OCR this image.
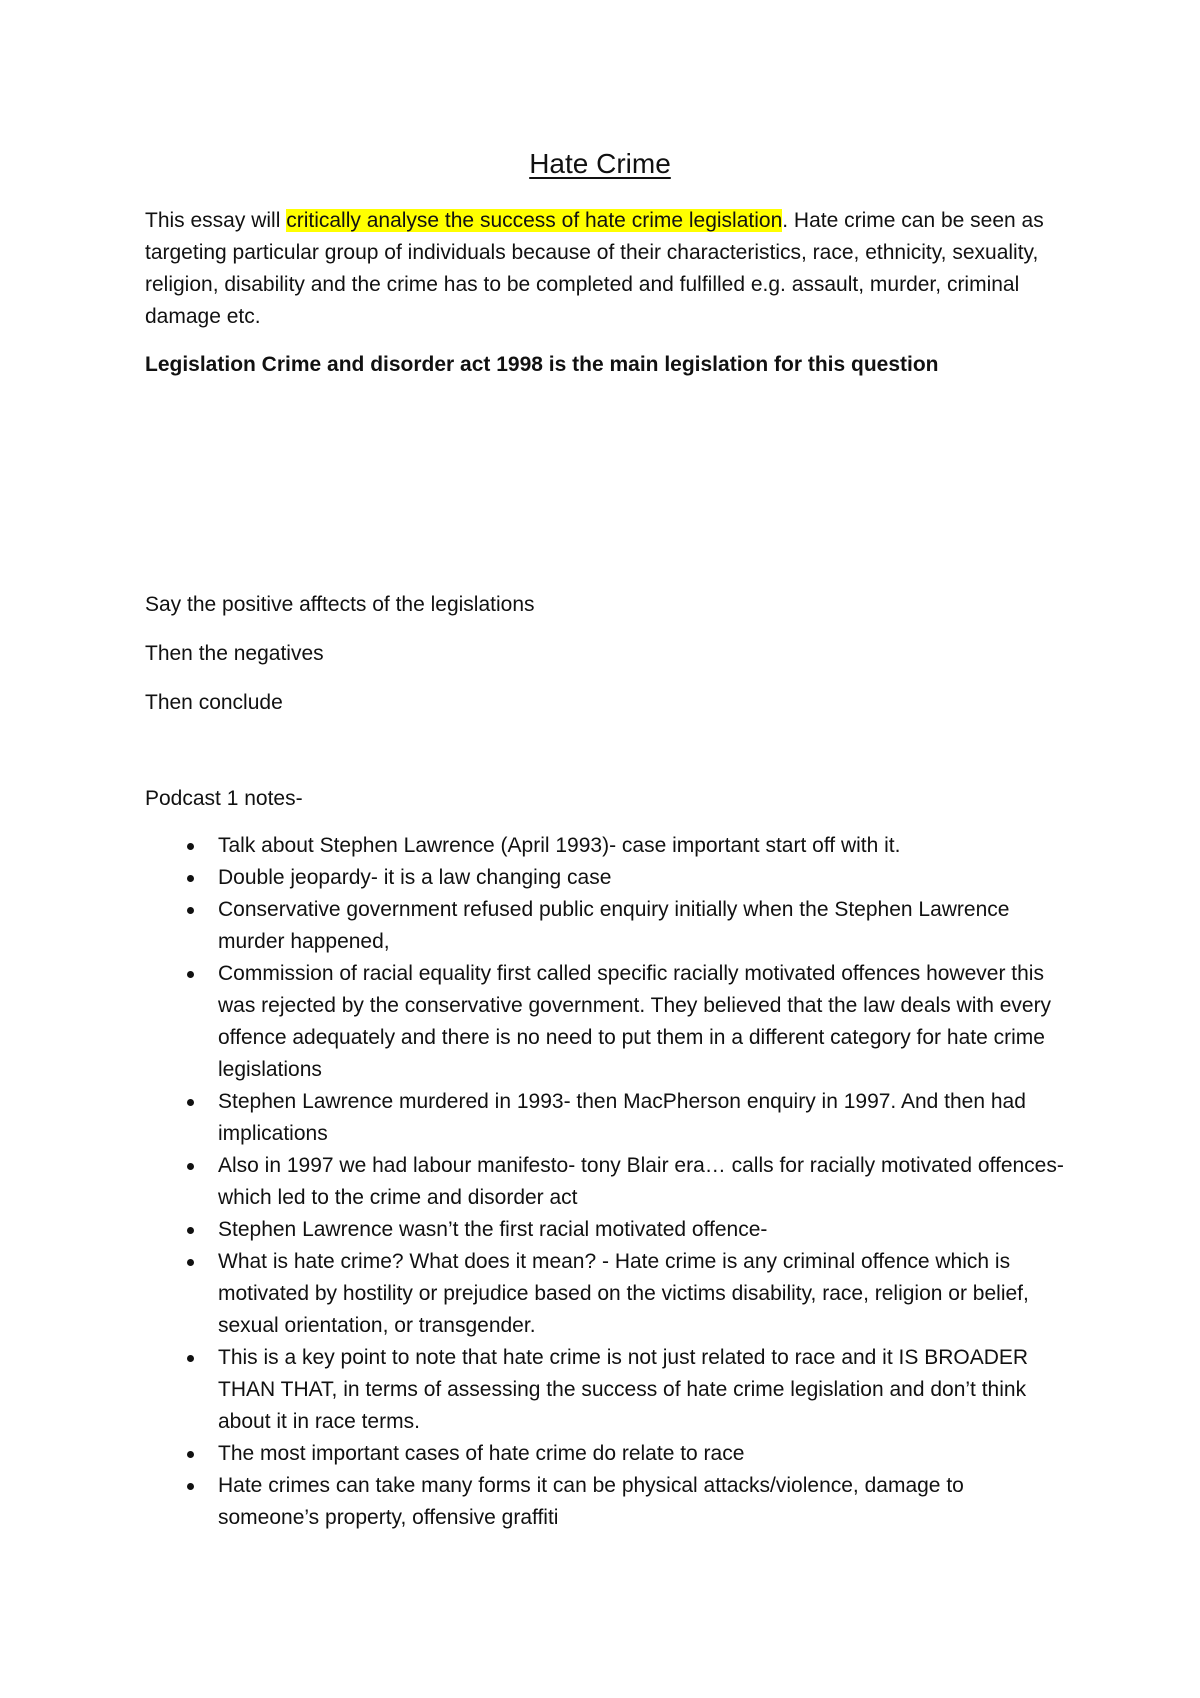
Hate Crime

This essay will critically analyse the success of hate crime legislation. Hate crime can be seen as targeting particular group of individuals because of their characteristics, race, ethnicity, sexuality, religion, disability and the crime has to be completed and fulfilled e.g. assault, murder, criminal damage etc.

Legislation Crime and disorder act 1998 is the main legislation for this question

Say the positive afftects of the legislations

Then the negatives

Then conclude

Podcast 1 notes-

Talk about Stephen Lawrence (April 1993)- case important start off with it.
Double jeopardy- it is a law changing case
Conservative government refused public enquiry initially when the Stephen Lawrence murder happened,
Commission of racial equality first called specific racially motivated offences however this was rejected by the conservative government. They believed that the law deals with every offence adequately and there is no need to put them in a different category for hate crime legislations
Stephen Lawrence murdered in 1993- then MacPherson enquiry in 1997. And then had implications
Also in 1997 we had labour manifesto- tony Blair era… calls for racially motivated offences- which led to the crime and disorder act
Stephen Lawrence wasn’t the first racial motivated offence-
What is hate crime? What does it mean? - Hate crime is any criminal offence which is motivated by hostility or prejudice based on the victims disability, race, religion or belief, sexual orientation, or transgender.
This is a key point to note that hate crime is not just related to race and it IS BROADER THAN THAT, in terms of assessing the success of hate crime legislation and don’t think about it in race terms.
The most important cases of hate crime do relate to race
Hate crimes can take many forms it can be physical attacks/violence, damage to someone’s property, offensive graffiti
